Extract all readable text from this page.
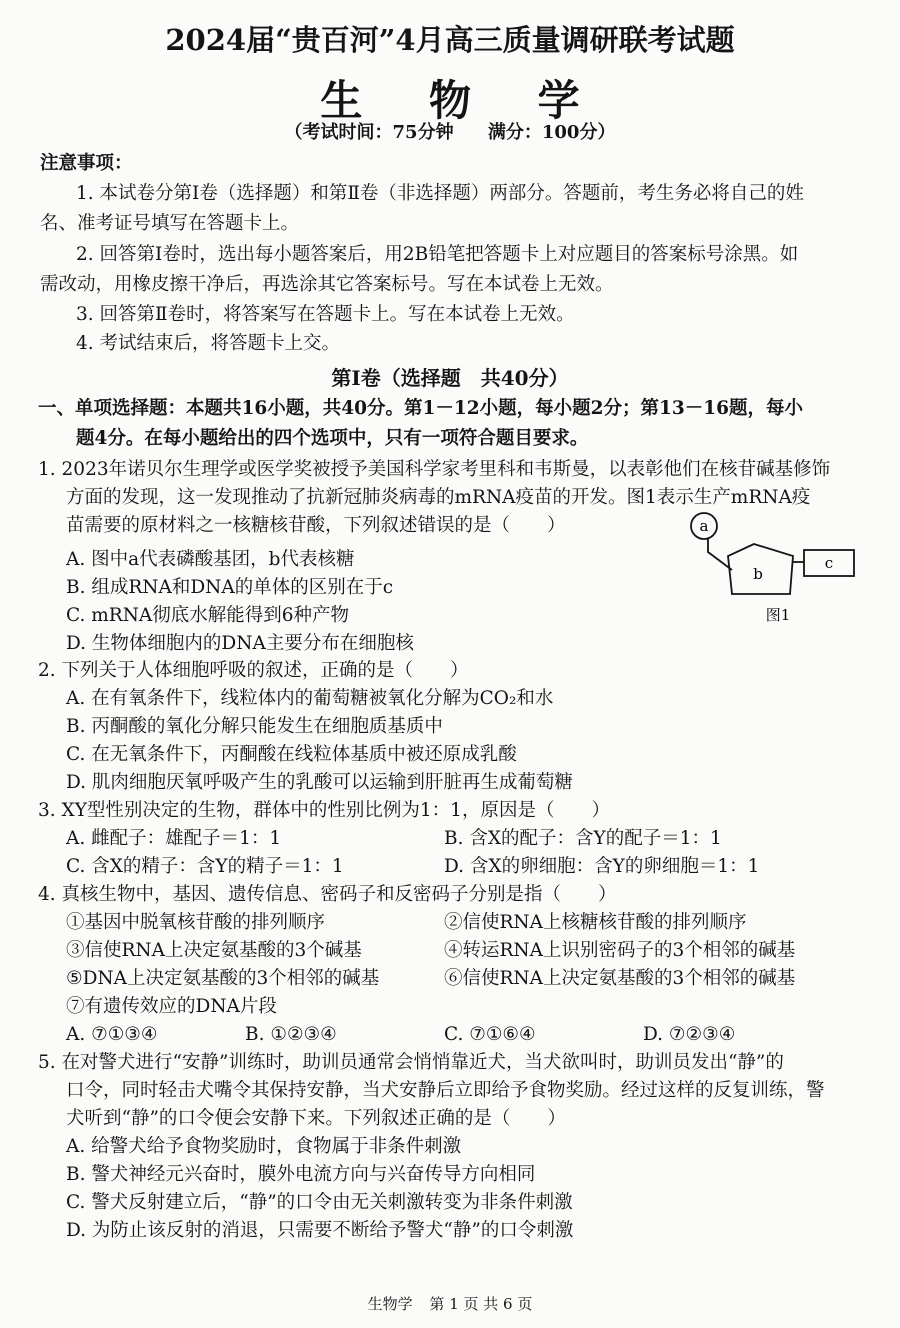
2024届“贵百河”4月高三质量调研联考试题
生 物 学
（考试时间：75分钟 满分：100分）
注意事项：
1. 本试卷分第Ⅰ卷（选择题）和第Ⅱ卷（非选择题）两部分。答题前，考生务必将自己的姓
名、准考证号填写在答题卡上。
2. 回答第Ⅰ卷时，选出每小题答案后，用2B铅笔把答题卡上对应题目的答案标号涂黑。如
需改动，用橡皮擦干净后，再选涂其它答案标号。写在本试卷上无效。
3. 回答第Ⅱ卷时，将答案写在答题卡上。写在本试卷上无效。
4. 考试结束后，将答题卡上交。
第Ⅰ卷（选择题　共40分）
一、单项选择题：本题共16小题，共40分。第1－12小题，每小题2分；第13－16题，每小
题4分。在每小题给出的四个选项中，只有一项符合题目要求。
1. 2023年诺贝尔生理学或医学奖被授予美国科学家考里科和韦斯曼，以表彰他们在核苷碱基修饰
方面的发现，这一发现推动了抗新冠肺炎病毒的mRNA疫苗的开发。图1表示生产mRNA疫
苗需要的原材料之一核糖核苷酸，下列叙述错误的是（　　）
A. 图中a代表磷酸基团，b代表核糖
B. 组成RNA和DNA的单体的区别在于c
C. mRNA彻底水解能得到6种产物
D. 生物体细胞内的DNA主要分布在细胞核
a
b
c
图1
2. 下列关于人体细胞呼吸的叙述，正确的是（　　）
A. 在有氧条件下，线粒体内的葡萄糖被氧化分解为CO₂和水
B. 丙酮酸的氧化分解只能发生在细胞质基质中
C. 在无氧条件下，丙酮酸在线粒体基质中被还原成乳酸
D. 肌肉细胞厌氧呼吸产生的乳酸可以运输到肝脏再生成葡萄糖
3. XY型性别决定的生物，群体中的性别比例为1：1，原因是（　　）
A. 雌配子：雄配子＝1：1	B. 含X的配子：含Y的配子＝1：1
C. 含X的精子：含Y的精子＝1：1	D. 含X的卵细胞：含Y的卵细胞＝1：1
4. 真核生物中，基因、遗传信息、密码子和反密码子分别是指（　　）
①基因中脱氧核苷酸的排列顺序	②信使RNA上核糖核苷酸的排列顺序
③信使RNA上决定氨基酸的3个碱基	④转运RNA上识别密码子的3个相邻的碱基
⑤DNA上决定氨基酸的3个相邻的碱基	⑥信使RNA上决定氨基酸的3个相邻的碱基
⑦有遗传效应的DNA片段
A. ⑦①③④	B. ①②③④	C. ⑦①⑥④	D. ⑦②③④
5. 在对警犬进行“安静”训练时，助训员通常会悄悄靠近犬，当犬欲叫时，助训员发出“静”的
口令，同时轻击犬嘴令其保持安静，当犬安静后立即给予食物奖励。经过这样的反复训练，警
犬听到“静”的口令便会安静下来。下列叙述正确的是（　　）
A. 给警犬给予食物奖励时，食物属于非条件刺激
B. 警犬神经元兴奋时，膜外电流方向与兴奋传导方向相同
C. 警犬反射建立后，“静”的口令由无关刺激转变为非条件刺激
D. 为防止该反射的消退，只需要不断给予警犬“静”的口令刺激
生物学 第 1 页 共 6 页
